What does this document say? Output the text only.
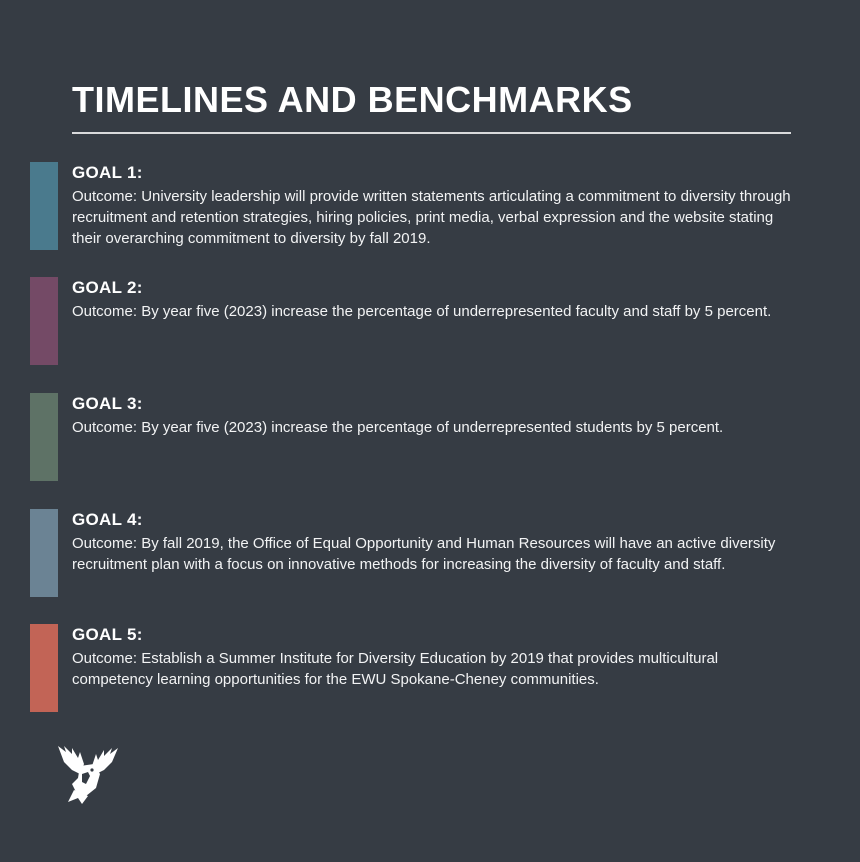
TIMELINES AND BENCHMARKS

GOAL 1:

Outcome: University leadership will provide written statements articulating a commitment to diversity through recruitment and retention strategies, hiring policies, print media, verbal expression and the website stating their overarching commitment to diversity by fall 2019.

GOAL 2:

Outcome: By year five (2023) increase the percentage of underrepresented faculty and staff by 5 percent.

GOAL 3:

Outcome: By year five (2023) increase the percentage of underrepresented students by 5 percent.

GOAL 4:

Outcome: By fall 2019, the Office of Equal Opportunity and Human Resources will have an active diversity recruitment plan with a focus on innovative methods for increasing the diversity of faculty and staff.

GOAL 5:

Outcome: Establish a Summer Institute for Diversity Education by 2019 that provides multicultural competency learning opportunities for the EWU Spokane-Cheney communities.
